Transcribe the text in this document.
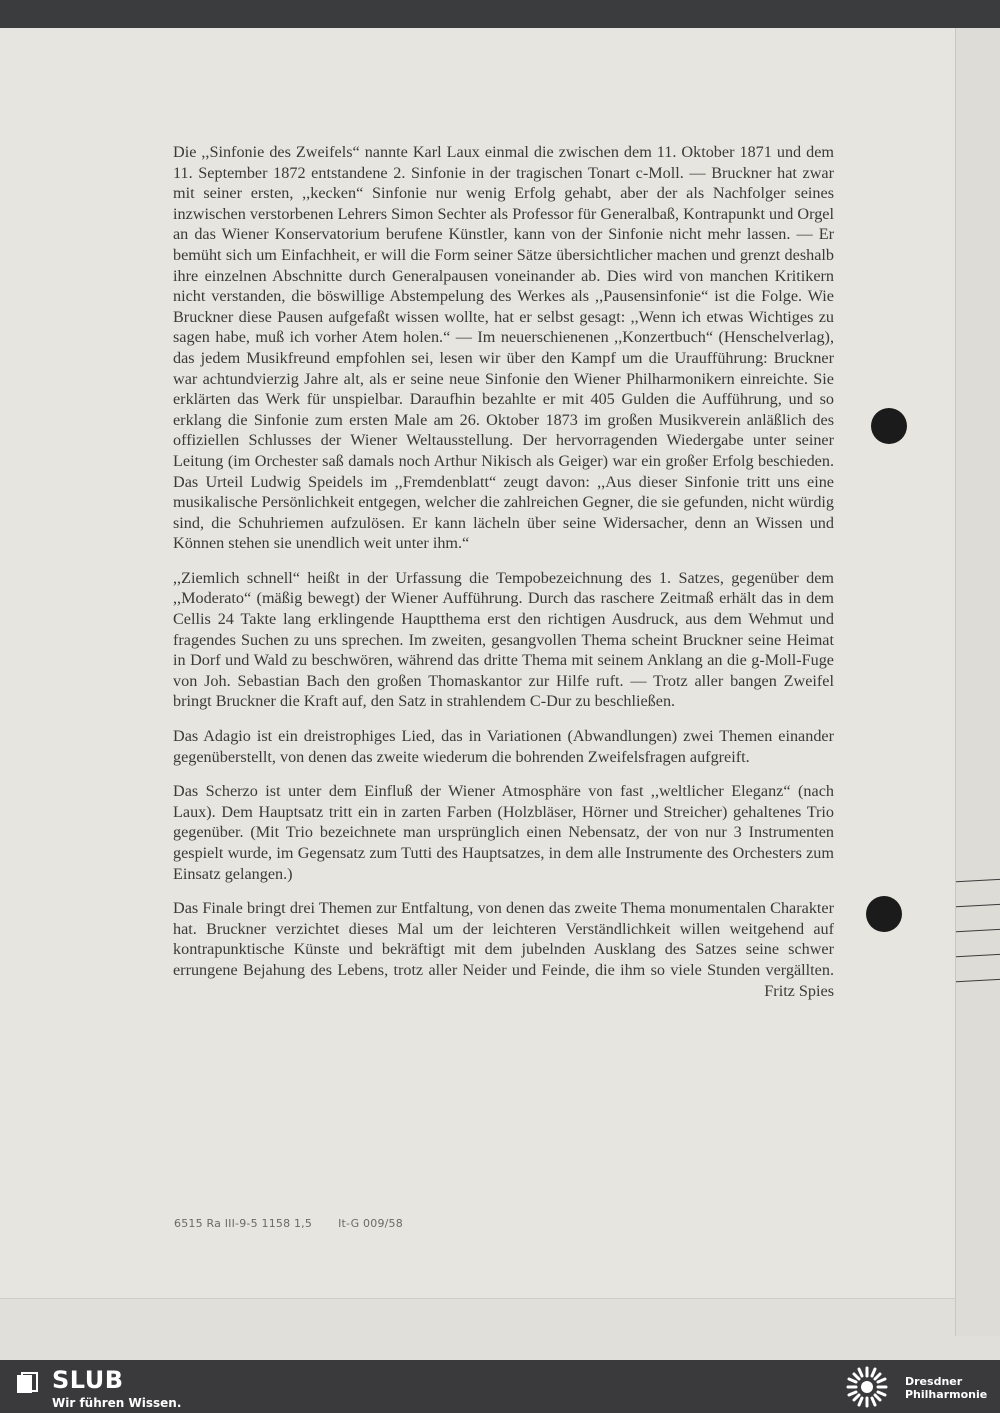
Die ,,Sinfonie des Zweifels“ nannte Karl Laux einmal die zwischen dem 11. Oktober 1871 und dem 11. September 1872 entstandene 2. Sinfonie in der tragischen Tonart c-Moll. — Bruckner hat zwar mit seiner ersten, ,,kecken“ Sinfonie nur wenig Erfolg gehabt, aber der als Nachfolger seines inzwischen verstorbenen Lehrers Simon Sechter als Professor für Generalbaß, Kontrapunkt und Orgel an das Wiener Konservatorium berufene Künstler, kann von der Sinfonie nicht mehr lassen. — Er bemüht sich um Einfachheit, er will die Form seiner Sätze übersichtlicher machen und grenzt deshalb ihre einzelnen Abschnitte durch Generalpausen voneinander ab. Dies wird von manchen Kritikern nicht verstanden, die böswillige Abstempelung des Werkes als ,,Pausensinfonie“ ist die Folge. Wie Bruckner diese Pausen aufgefaßt wissen wollte, hat er selbst gesagt: ,,Wenn ich etwas Wichtiges zu sagen habe, muß ich vorher Atem holen.“ — Im neuerschienenen ,,Konzertbuch“ (Henschelverlag), das jedem Musikfreund empfohlen sei, lesen wir über den Kampf um die Uraufführung: Bruckner war achtundvierzig Jahre alt, als er seine neue Sinfonie den Wiener Philharmonikern einreichte. Sie erklärten das Werk für unspielbar. Daraufhin bezahlte er mit 405 Gulden die Aufführung, und so erklang die Sinfonie zum ersten Male am 26. Oktober 1873 im großen Musikverein anläßlich des offiziellen Schlusses der Wiener Weltausstellung. Der hervorragenden Wiedergabe unter seiner Leitung (im Orchester saß damals noch Arthur Nikisch als Geiger) war ein großer Erfolg beschieden. Das Urteil Ludwig Speidels im ,,Fremdenblatt“ zeugt davon: ,,Aus dieser Sinfonie tritt uns eine musikalische Persönlichkeit entgegen, welcher die zahlreichen Gegner, die sie gefunden, nicht würdig sind, die Schuhriemen aufzulösen. Er kann lächeln über seine Widersacher, denn an Wissen und Können stehen sie unendlich weit unter ihm.“

,,Ziemlich schnell“ heißt in der Urfassung die Tempobezeichnung des 1. Satzes, gegenüber dem ,,Moderato“ (mäßig bewegt) der Wiener Aufführung. Durch das raschere Zeitmaß erhält das in dem Cellis 24 Takte lang erklingende Hauptthema erst den richtigen Ausdruck, aus dem Wehmut und fragendes Suchen zu uns sprechen. Im zweiten, gesangvollen Thema scheint Bruckner seine Heimat in Dorf und Wald zu beschwören, während das dritte Thema mit seinem Anklang an die g-Moll-Fuge von Joh. Sebastian Bach den großen Thomaskantor zur Hilfe ruft. — Trotz aller bangen Zweifel bringt Bruckner die Kraft auf, den Satz in strahlendem C-Dur zu beschließen.

Das Adagio ist ein dreistrophiges Lied, das in Variationen (Abwandlungen) zwei Themen einander gegenüberstellt, von denen das zweite wiederum die bohrenden Zweifelsfragen aufgreift.

Das Scherzo ist unter dem Einfluß der Wiener Atmosphäre von fast ,,weltlicher Eleganz“ (nach Laux). Dem Hauptsatz tritt ein in zarten Farben (Holzbläser, Hörner und Streicher) gehaltenes Trio gegenüber. (Mit Trio bezeichnete man ursprünglich einen Nebensatz, der von nur 3 Instrumenten gespielt wurde, im Gegensatz zum Tutti des Hauptsatzes, in dem alle Instrumente des Orchesters zum Einsatz gelangen.)

Das Finale bringt drei Themen zur Entfaltung, von denen das zweite Thema monumentalen Charakter hat. Bruckner verzichtet dieses Mal um der leichteren Verständlichkeit willen weitgehend auf kontrapunktische Künste und bekräftigt mit dem jubelnden Ausklang des Satzes seine schwer errungene Bejahung des Lebens, trotz aller Neider und Feinde, die ihm so viele Stunden vergällten.
Fritz Spies

6515 Ra III-9-5 1158 1,5 It-G 009/58
SLUB
Wir führen Wissen.
Dresdner
Philharmonie
